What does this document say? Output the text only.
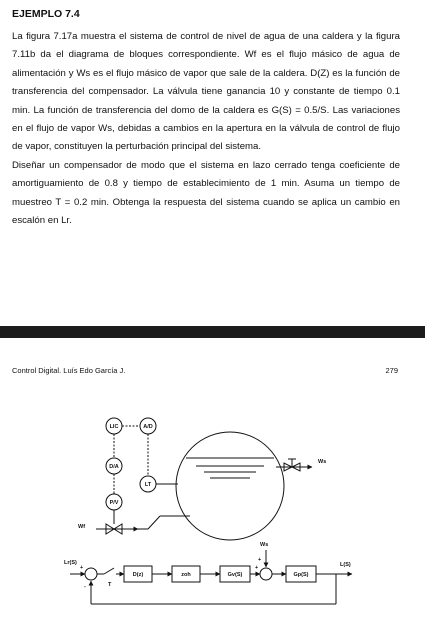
EJEMPLO 7.4
La figura 7.17a muestra el sistema de control de nivel de agua de una caldera y la figura 7.11b da el diagrama de bloques correspondiente. Wf es el flujo másico de agua de alimentación y Ws es el flujo másico de vapor que sale de la caldera. D(Z) es la función de transferencia del compensador. La válvula tiene ganancia 10 y constante de tiempo 0.1 min. La función de transferencia del domo de la caldera es G(S) = 0.5/S. Las variaciones en el flujo de vapor Ws, debidas a cambios en la apertura en la válvula de control de flujo de vapor, constituyen la perturbación principal del sistema.
Diseñar un compensador de modo que el sistema en lazo cerrado tenga coeficiente de amortiguamiento de 0.8 y tiempo de establecimiento de 1 min. Asuma un tiempo de muestreo T = 0.2 min. Obtenga la respuesta del sistema cuando se aplica un cambio en escalón en Lr.
Control Digital. Luís Edo García J.	279
LIC	A/D
D/A
LT
P/V
Wf
Ws
Lr(S)
+
-	T
D(z)	zoh	Gv(S)
+
+
Ws
Gp(S)
L(S)
